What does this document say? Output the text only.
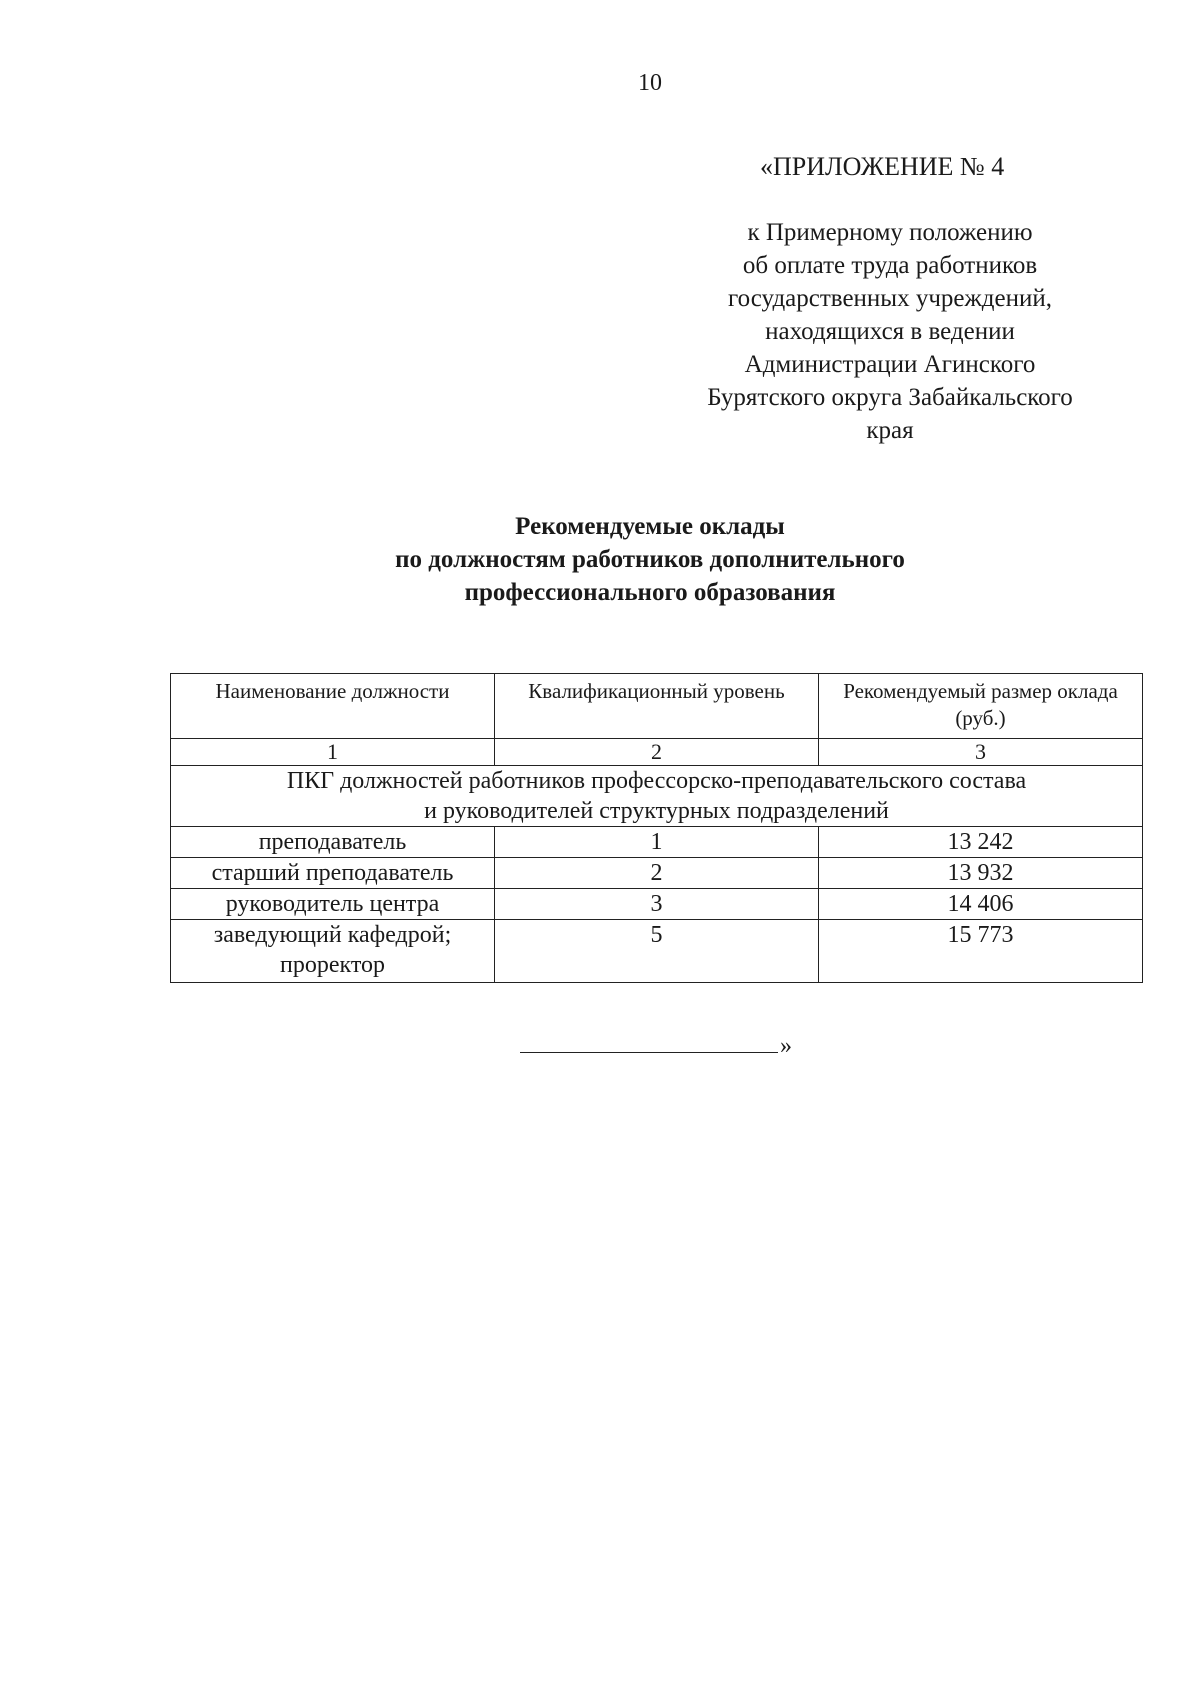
10
«ПРИЛОЖЕНИЕ № 4
к Примерному положению
об оплате труда работников
государственных учреждений,
находящихся в ведении
Администрации Агинского
Бурятского округа Забайкальского
края
Рекомендуемые оклады
по должностям работников дополнительного
профессионального образования
Наименование должности	Квалификационный уровень	Рекомендуемый размер оклада (руб.)
1	2	3

ПКГ должностей работников профессорско-преподавательского состава
и руководителей структурных подразделений		

преподаватель	1	13 242
старший преподаватель	2	13 932
руководитель центра	3	14 406

заведующий кафедрой;
проректор	5	15 773
»
